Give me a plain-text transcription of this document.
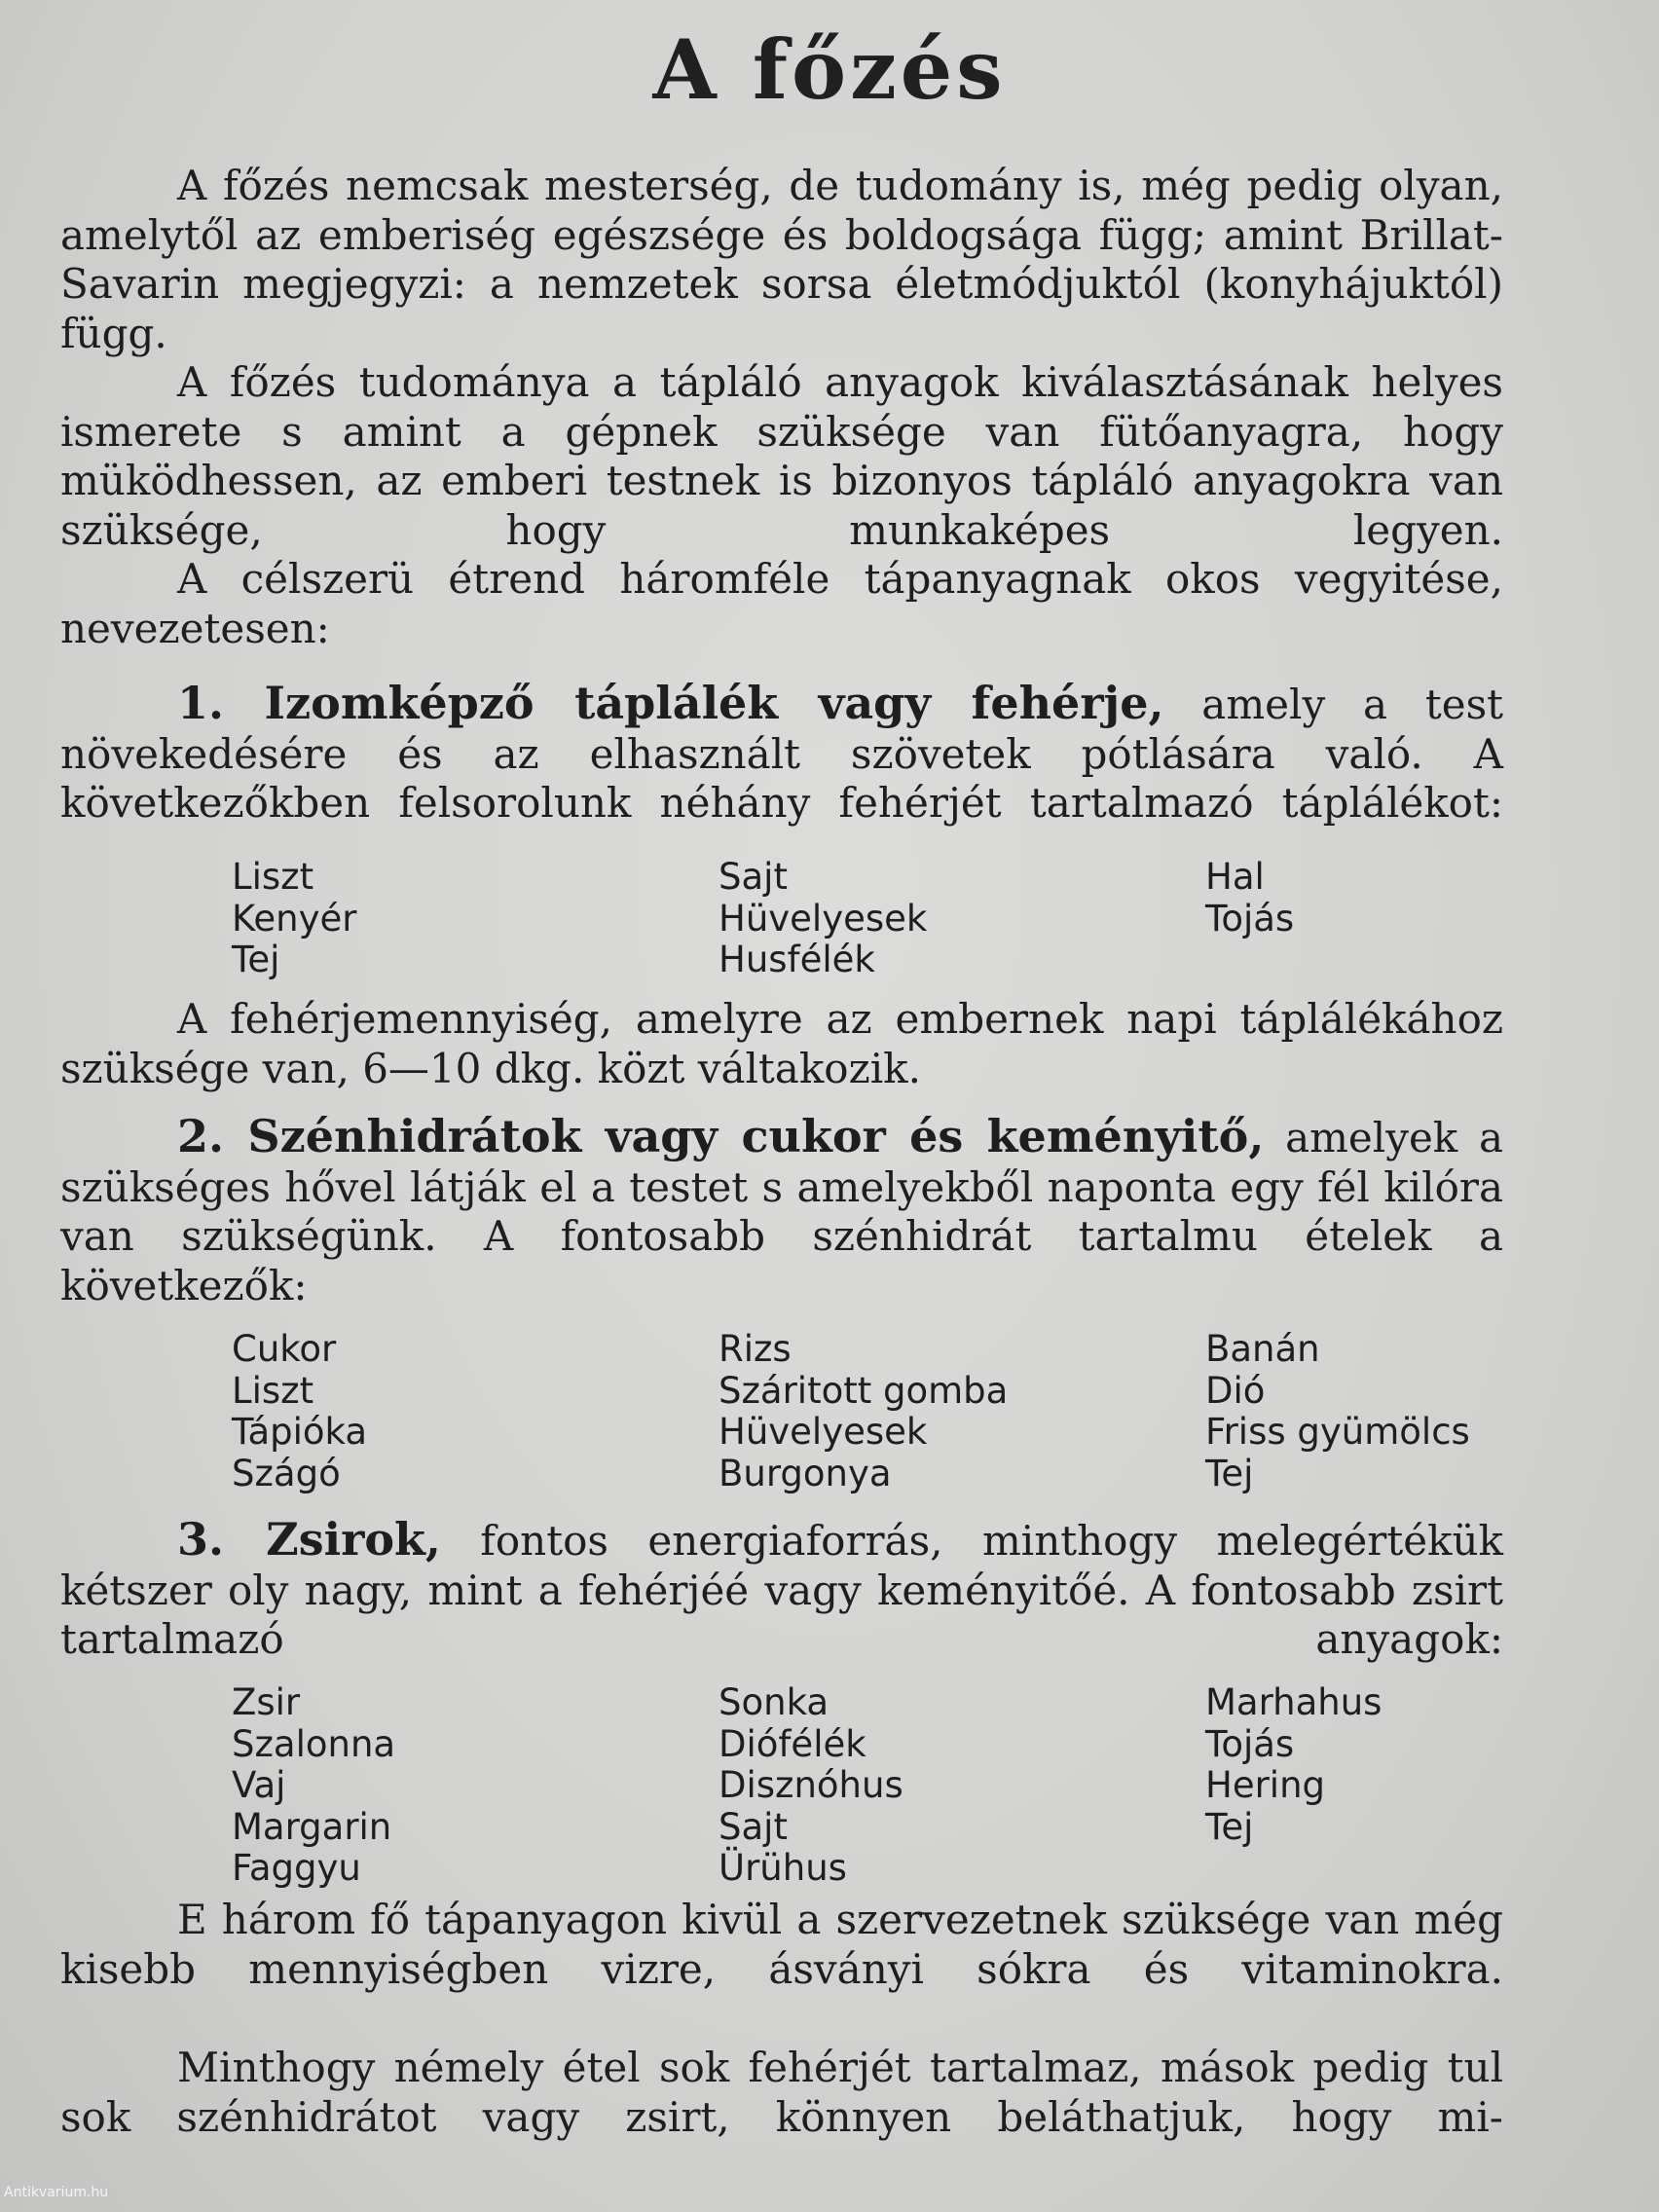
A főzés

A főzés nemcsak mesterség, de tudomány is, még pedig olyan, amelytől az emberiség egészsége és boldogsága függ; amint Brillat-Savarin megjegyzi: a nemzetek sorsa életmódjuktól (konyhájuktól) függ.

A főzés tudománya a tápláló anyagok kiválasztásának helyes ismerete s amint a gépnek szüksége van fütőanyagra, hogy müködhessen, az emberi testnek is bizonyos tápláló anyagokra van szüksége, hogy munkaképes legyen.

A célszerü étrend háromféle tápanyagnak okos vegyitése, nevezetesen:

1. Izomképző táplálék vagy fehérje, amely a test növekedésére és az elhasznált szövetek pótlására való. A következőkben felsorolunk néhány fehérjét tartalmazó táplálékot:

Liszt
Kenyér
Tej
Sajt
Hüvelyesek
Husfélék
Hal
Tojás

A fehérjemennyiség, amelyre az embernek napi táplálékához szüksége van, 6—10 dkg. közt váltakozik.

2. Szénhidrátok vagy cukor és keményitő, amelyek a szükséges hővel látják el a testet s amelyekből naponta egy fél kilóra van szükségünk. A fontosabb szénhidrát tartalmu ételek a következők:

Cukor
Liszt
Tápióka
Szágó
Rizs
Száritott gomba
Hüvelyesek
Burgonya
Banán
Dió
Friss gyümölcs
Tej

3. Zsirok, fontos energiaforrás, minthogy melegértékük kétszer oly nagy, mint a fehérjéé vagy keményitőé. A fontosabb zsirt tartalmazó anyagok:

Zsir
Szalonna
Vaj
Margarin
Faggyu
Sonka
Diófélék
Disznóhus
Sajt
Ürühus
Marhahus
Tojás
Hering
Tej

E három fő tápanyagon kivül a szervezetnek szüksége van még kisebb mennyiségben vizre, ásványi sókra és vitaminokra.

Minthogy némely étel sok fehérjét tartalmaz, mások pedig tul sok szénhidrátot vagy zsirt, könnyen beláthatjuk, hogy mi-

Antikvarium.hu
